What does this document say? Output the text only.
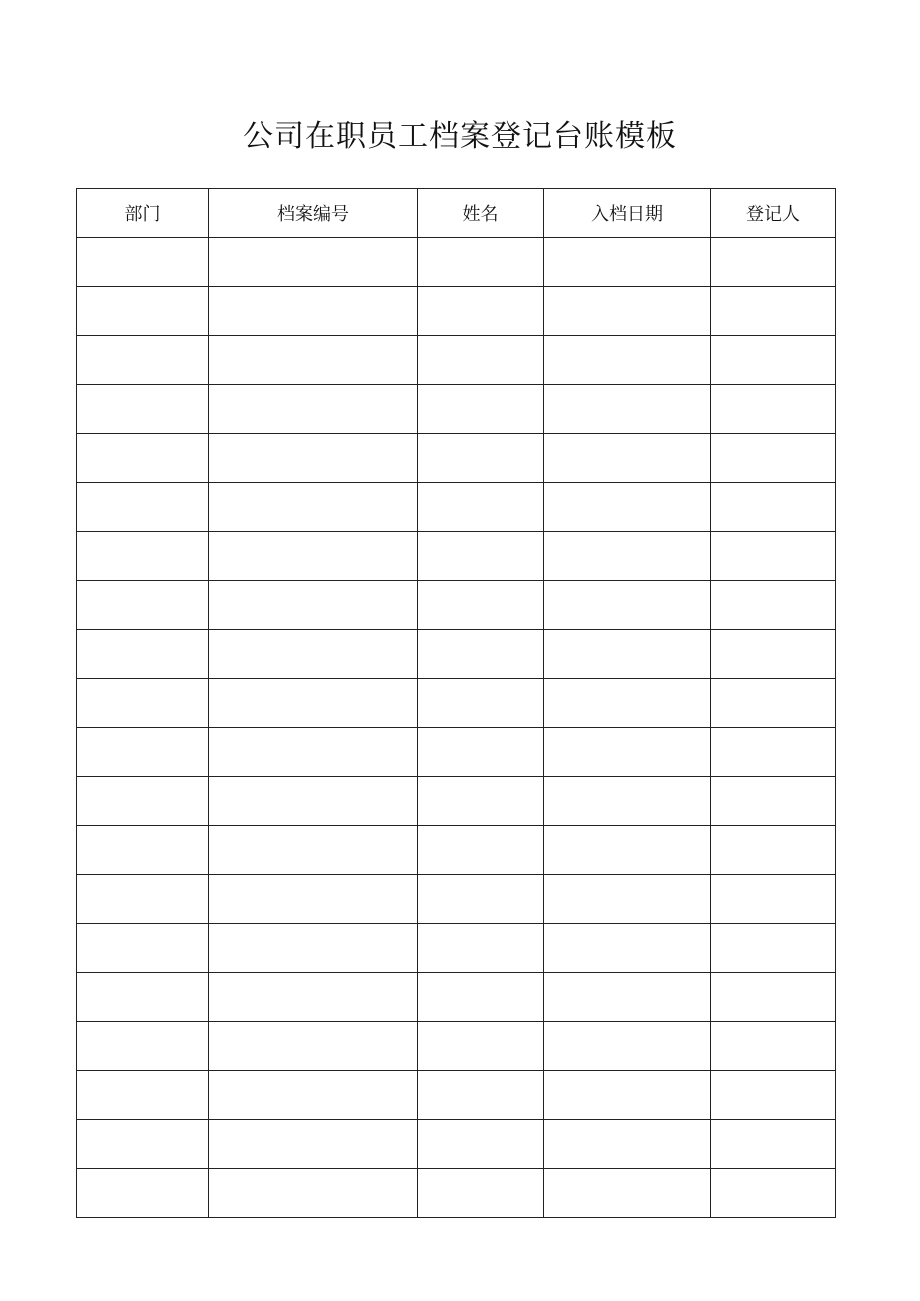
公司在职员工档案登记台账模板
部门	档案编号	姓名	入档日期	登记人
